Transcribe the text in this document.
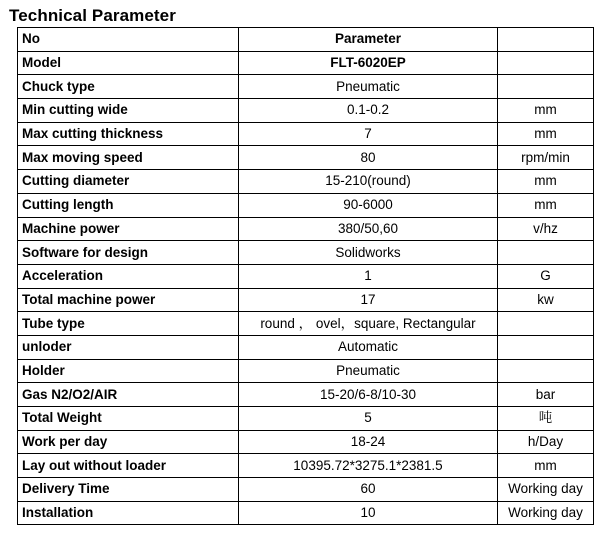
Technical Parameter
No	Parameter	
Model	FLT-6020EP	
Chuck type	Pneumatic	
Min cutting wide	0.1-0.2	mm
Max cutting thickness	7	mm
Max moving speed	80	rpm/min
Cutting diameter	15-210(round)	mm
Cutting length	90-6000	mm
Machine power	380/50,60	v/hz
Software for design	Solidworks	
Acceleration	1	G
Total machine power	17	kw
Tube type	round ， ovel，square, Rectangular	
unloder	Automatic	
Holder	Pneumatic	
Gas N2/O2/AIR	15-20/6-8/10-30	bar
Total Weight	5	吨
Work per day	18-24	h/Day
Lay out without loader	10395.72*3275.1*2381.5	mm
Delivery Time	60	Working day
Installation	10	Working day
